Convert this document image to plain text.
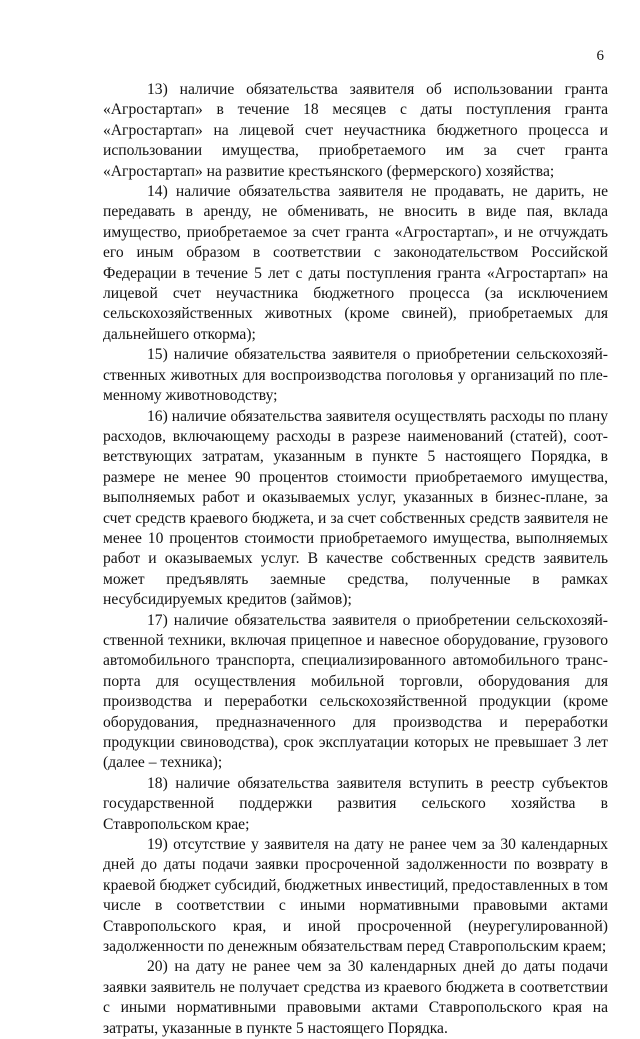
6

13) наличие обязательства заявителя об использовании гранта «Агростартап» в течение 18 месяцев с даты поступления гранта «Агростартап» на лицевой счет неучастника бюджетного процесса и использовании имущества, приобретаемого им за счет гранта «Агростартап» на развитие крестьянского (фермерского) хозяйства;

14) наличие обязательства заявителя не продавать, не дарить, не передавать в аренду, не обменивать, не вносить в виде пая, вклада имущество, приобретаемое за счет гранта «Агростартап», и не отчуждать его иным образом в соответствии с законодательством Российской Федерации в течение 5 лет с даты поступления гранта «Агростартап» на лицевой счет неучастника бюджетного процесса (за исключением сельскохозяйственных животных (кроме свиней), приобретаемых для дальнейшего откорма);

15) наличие обязательства заявителя о приобретении сельскохозяйственных животных для воспроизводства поголовья у организаций по племенному животноводству;

16) наличие обязательства заявителя осуществлять расходы по плану расходов, включающему расходы в разрезе наименований (статей), соответствующих затратам, указанным в пункте 5 настоящего Порядка, в размере не менее 90 процентов стоимости приобретаемого имущества, выполняемых работ и оказываемых услуг, указанных в бизнес-плане, за счет средств краевого бюджета, и за счет собственных средств заявителя не менее 10 процентов стоимости приобретаемого имущества, выполняемых работ и оказываемых услуг. В качестве собственных средств заявитель может предъявлять заемные средства, полученные в рамках несубсидируемых кредитов (займов);

17) наличие обязательства заявителя о приобретении сельскохозяйственной техники, включая прицепное и навесное оборудование, грузового автомобильного транспорта, специализированного автомобильного транспорта для осуществления мобильной торговли, оборудования для производства и переработки сельскохозяйственной продукции (кроме оборудования, предназначенного для производства и переработки продукции свиноводства), срок эксплуатации которых не превышает 3 лет (далее – техника);

18) наличие обязательства заявителя вступить в реестр субъектов государственной поддержки развития сельского хозяйства в Ставропольском крае;

19) отсутствие у заявителя на дату не ранее чем за 30 календарных дней до даты подачи заявки просроченной задолженности по возврату в краевой бюджет субсидий, бюджетных инвестиций, предоставленных в том числе в соответствии с иными нормативными правовыми актами Ставропольского края, и иной просроченной (неурегулированной) задолженности по денежным обязательствам перед Ставропольским краем;

20) на дату не ранее чем за 30 календарных дней до даты подачи заявки заявитель не получает средства из краевого бюджета в соответствии с иными нормативными правовыми актами Ставропольского края на затраты, указанные в пункте 5 настоящего Порядка.
